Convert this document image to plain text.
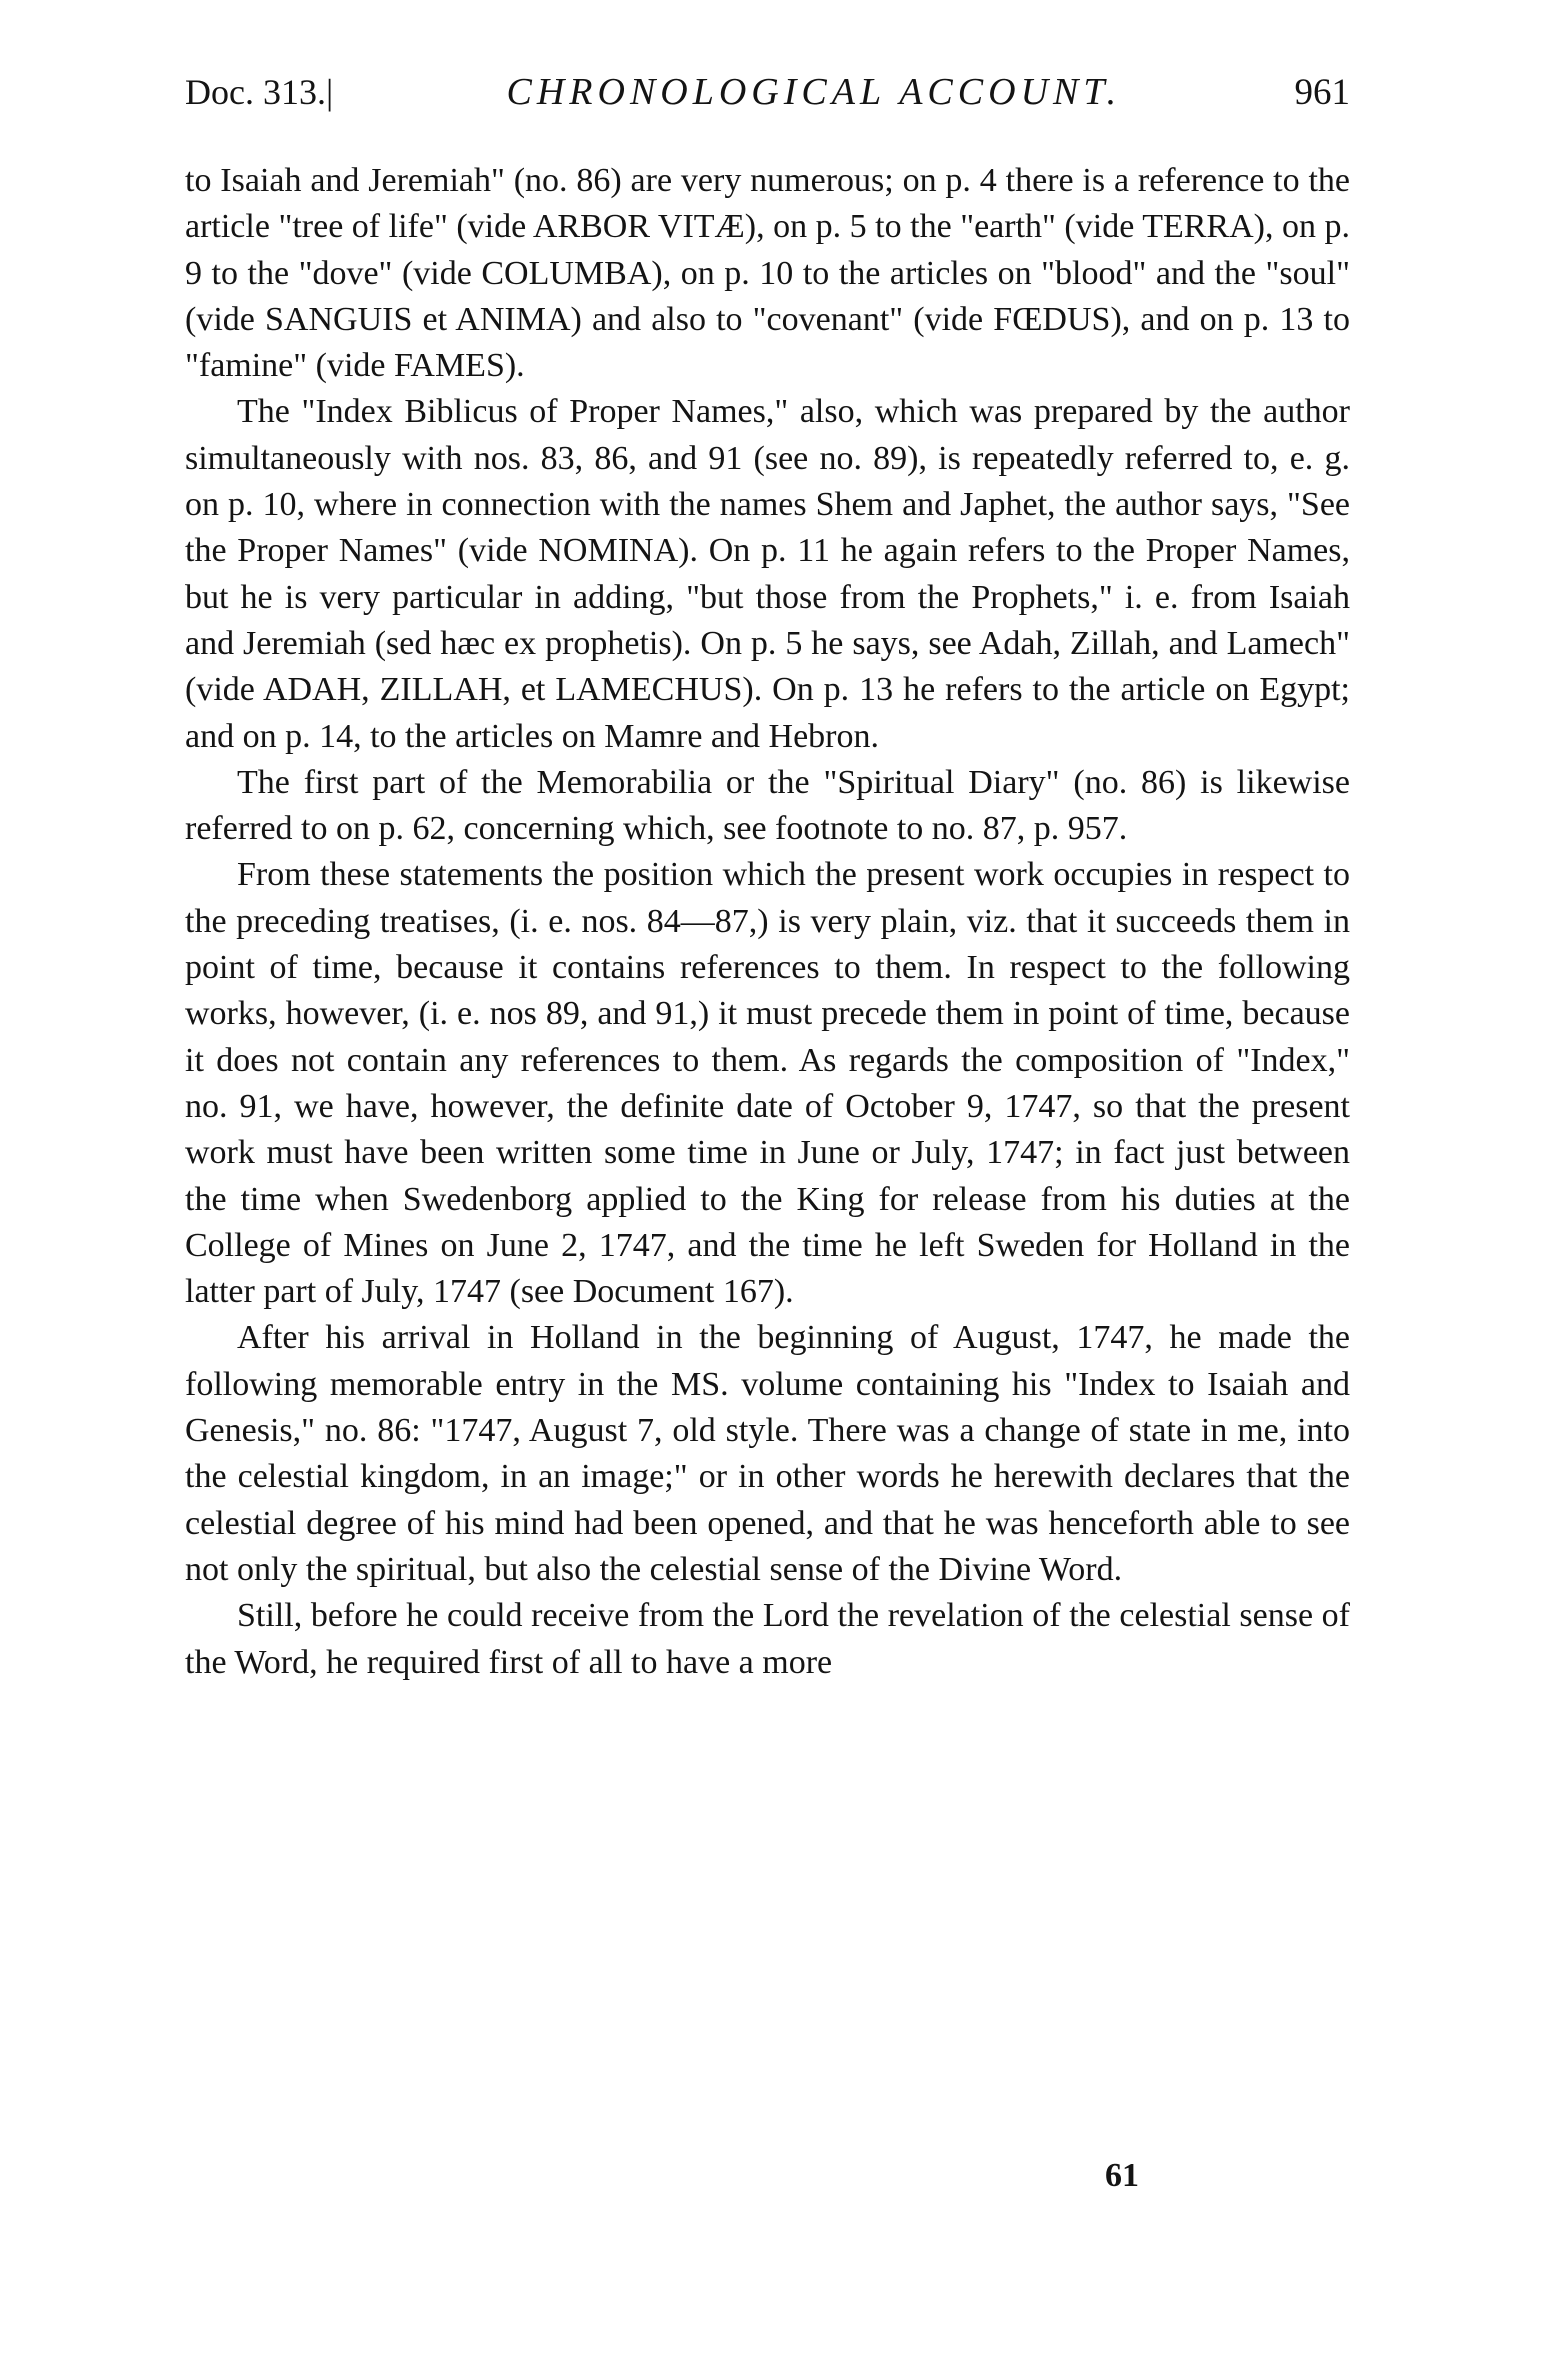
Doc. 313.|	CHRONOLOGICAL ACCOUNT.	961

to Isaiah and Jeremiah" (no. 86) are very numerous; on p. 4 there is a reference to the article "tree of life" (vide ARBOR VITÆ), on p. 5 to the "earth" (vide TERRA), on p. 9 to the "dove" (vide COLUMBA), on p. 10 to the articles on "blood" and the "soul" (vide SANGUIS et ANIMA) and also to "covenant" (vide FŒDUS), and on p. 13 to "famine" (vide FAMES).

The "Index Biblicus of Proper Names," also, which was prepared by the author simultaneously with nos. 83, 86, and 91 (see no. 89), is repeatedly referred to, e. g. on p. 10, where in connection with the names Shem and Japhet, the author says, "See the Proper Names" (vide NOMINA). On p. 11 he again refers to the Proper Names, but he is very particular in adding, "but those from the Prophets," i. e. from Isaiah and Jeremiah (sed hæc ex prophetis). On p. 5 he says, see Adah, Zillah, and Lamech" (vide ADAH, ZILLAH, et LAMECHUS). On p. 13 he refers to the article on Egypt; and on p. 14, to the articles on Mamre and Hebron.

The first part of the Memorabilia or the "Spiritual Diary" (no. 86) is likewise referred to on p. 62, concerning which, see footnote to no. 87, p. 957.

From these statements the position which the present work occupies in respect to the preceding treatises, (i. e. nos. 84—87,) is very plain, viz. that it succeeds them in point of time, because it contains references to them. In respect to the following works, however, (i. e. nos 89, and 91,) it must precede them in point of time, because it does not contain any references to them. As regards the composition of "Index," no. 91, we have, however, the definite date of October 9, 1747, so that the present work must have been written some time in June or July, 1747; in fact just between the time when Swedenborg applied to the King for release from his duties at the College of Mines on June 2, 1747, and the time he left Sweden for Holland in the latter part of July, 1747 (see Document 167).

After his arrival in Holland in the beginning of August, 1747, he made the following memorable entry in the MS. volume containing his "Index to Isaiah and Genesis," no. 86: "1747, August 7, old style. There was a change of state in me, into the celestial kingdom, in an image;" or in other words he herewith declares that the celestial degree of his mind had been opened, and that he was henceforth able to see not only the spiritual, but also the celestial sense of the Divine Word.

Still, before he could receive from the Lord the revelation of the celestial sense of the Word, he required first of all to have a more

61
